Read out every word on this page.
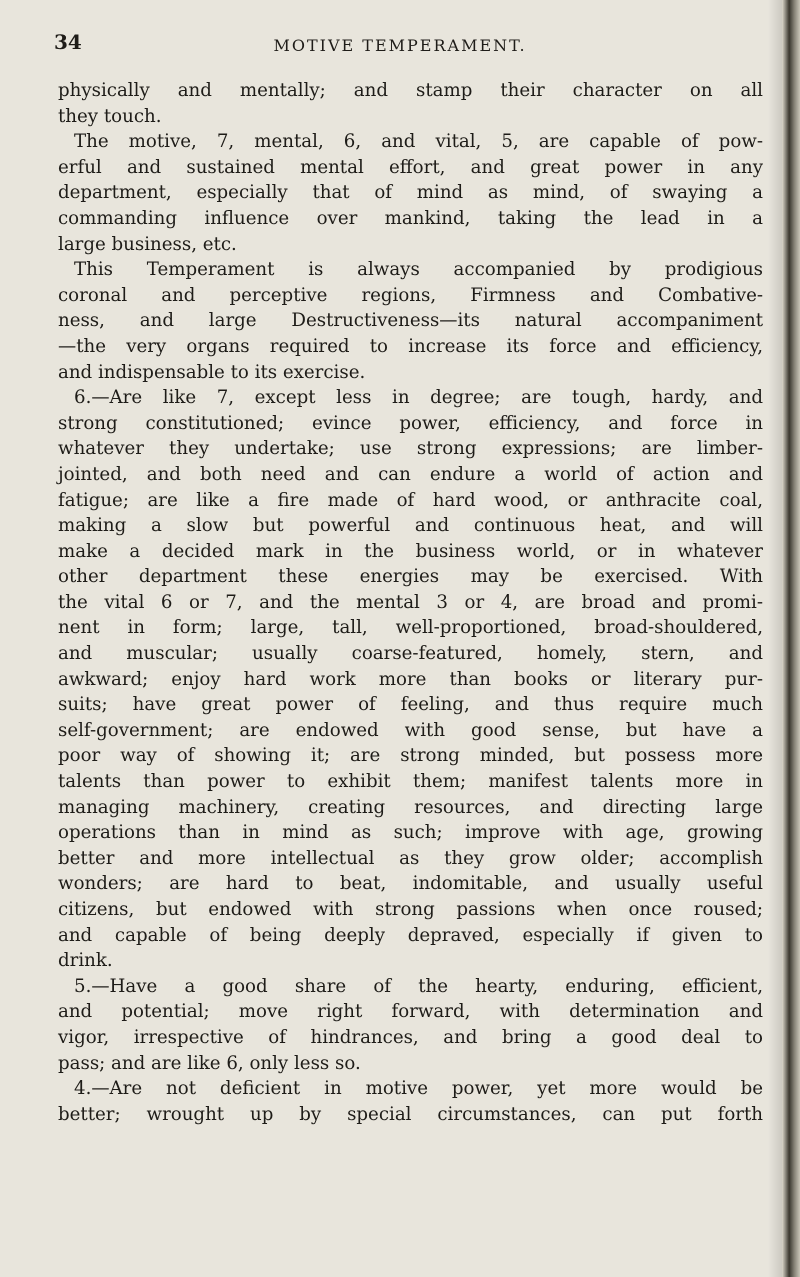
34	MOTIVE TEMPERAMENT.
physically and mentally; and stamp their character on all
they touch.
The motive, 7, mental, 6, and vital, 5, are capable of pow-
erful and sustained mental effort, and great power in any
department, especially that of mind as mind, of swaying a
commanding influence over mankind, taking the lead in a
large business, etc.
This Temperament is always accompanied by prodigious
coronal and perceptive regions, Firmness and Combative-
ness, and large Destructiveness—its natural accompaniment
—the very organs required to increase its force and efficiency,
and indispensable to its exercise.
6.—Are like 7, except less in degree; are tough, hardy, and
strong constitutioned; evince power, efficiency, and force in
whatever they undertake; use strong expressions; are limber-
jointed, and both need and can endure a world of action and
fatigue; are like a fire made of hard wood, or anthracite coal,
making a slow but powerful and continuous heat, and will
make a decided mark in the business world, or in whatever
other department these energies may be exercised. With
the vital 6 or 7, and the mental 3 or 4, are broad and promi-
nent in form; large, tall, well-proportioned, broad-shouldered,
and muscular; usually coarse-featured, homely, stern, and
awkward; enjoy hard work more than books or literary pur-
suits; have great power of feeling, and thus require much
self-government; are endowed with good sense, but have a
poor way of showing it; are strong minded, but possess more
talents than power to exhibit them; manifest talents more in
managing machinery, creating resources, and directing large
operations than in mind as such; improve with age, growing
better and more intellectual as they grow older; accomplish
wonders; are hard to beat, indomitable, and usually useful
citizens, but endowed with strong passions when once roused;
and capable of being deeply depraved, especially if given to
drink.
5.—Have a good share of the hearty, enduring, efficient,
and potential; move right forward, with determination and
vigor, irrespective of hindrances, and bring a good deal to
pass; and are like 6, only less so.
4.—Are not deficient in motive power, yet more would be
better; wrought up by special circumstances, can put forth
